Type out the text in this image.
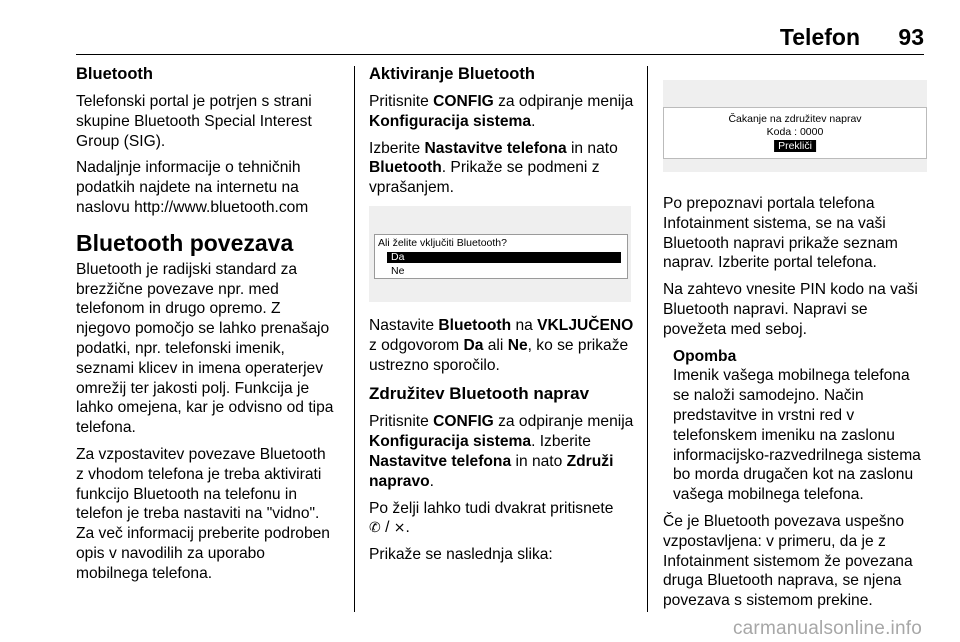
Telefon 93
Bluetooth

Telefonski portal je potrjen s strani
skupine Bluetooth Special Interest
Group (SIG).

Nadaljnje informacije o tehničnih
podatkih najdete na internetu na
naslovu http://www.bluetooth.com

Bluetooth povezava

Bluetooth je radijski standard za
brezžične povezave npr. med
telefonom in drugo opremo. Z
njegovo pomočjo se lahko prenašajo
podatki, npr. telefonski imenik,
seznami klicev in imena operaterjev
omrežij ter jakosti polj. Funkcija je
lahko omejena, kar je odvisno od tipa
telefona.

Za vzpostavitev povezave Bluetooth
z vhodom telefona je treba aktivirati
funkcijo Bluetooth na telefonu in
telefon je treba nastaviti na "vidno".
Za več informacij preberite podroben
opis v navodilih za uporabo
mobilnega telefona.

Aktiviranje Bluetooth

Pritisnite CONFIG za odpiranje menija Konfiguracija sistema.

Izberite Nastavitve telefona in nato Bluetooth. Prikaže se podmeni z vprašanjem.

Ali želite vključiti Bluetooth?
Da
Ne

Nastavite Bluetooth na VKLJUČENO z odgovorom Da ali Ne, ko se prikaže ustrezno sporočilo.

Združitev Bluetooth naprav

Pritisnite CONFIG za odpiranje menija Konfiguracija sistema. Izberite Nastavitve telefona in nato Združi napravo.

Po želji lahko tudi dvakrat pritisnete
✆ / ⨯.

Prikaže se naslednja slika:

Čakanje na združitev naprav
Koda : 0000
Prekliči

Po prepoznavi portala telefona
Infotainment sistema, se na vaši
Bluetooth napravi prikaže seznam
naprav. Izberite portal telefona.

Na zahtevo vnesite PIN kodo na vaši
Bluetooth napravi. Napravi se
povežeta med seboj.

Opomba
Imenik vašega mobilnega telefona
se naloži samodejno. Način
predstavitve in vrstni red v
telefonskem imeniku na zaslonu
informacijsko-razvedrilnega sistema
bo morda drugačen kot na zaslonu
vašega mobilnega telefona.

Če je Bluetooth povezava uspešno
vzpostavljena: v primeru, da je z
Infotainment sistemom že povezana
druga Bluetooth naprava, se njena
povezava s sistemom prekine.

carmanualsonline.info
